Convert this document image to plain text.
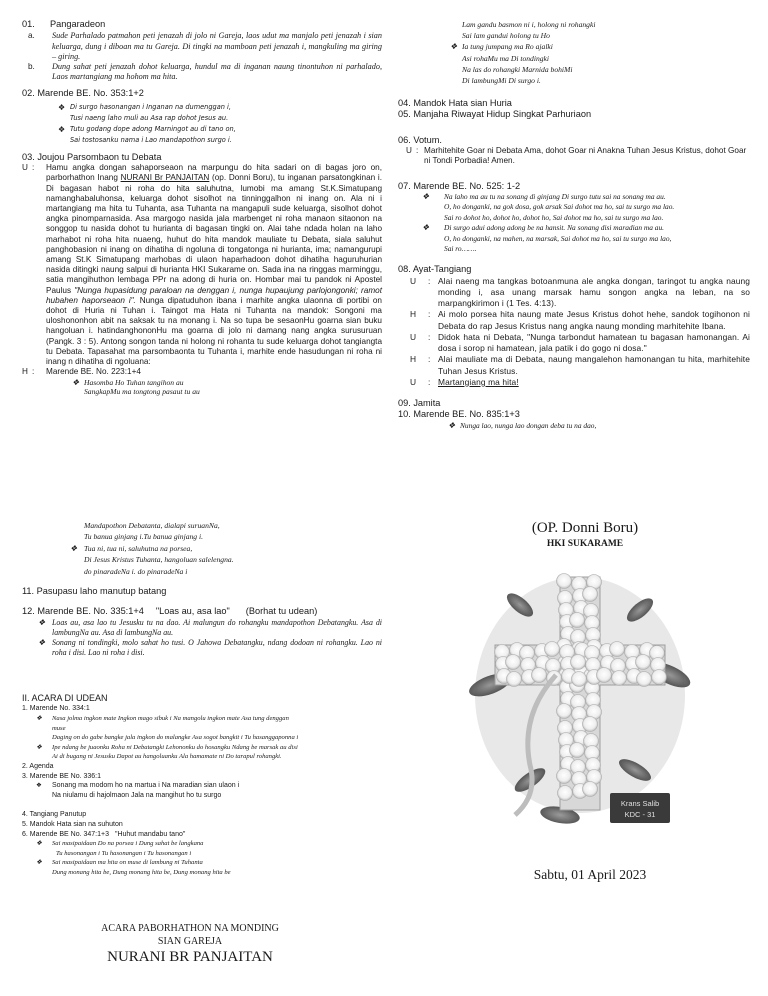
01.	Pangaradeon
a.	Sude Parhalado patmahon peti jenazah di jolo ni Gareja, laos udut ma manjalo peti jenazah i sian keluarga, dung i diboan ma tu Gareja. Di tingki na mamboan peti jenazah i, mangkuling ma giring – giring.
b.	Dung sahat peti jenazah dohot keluarga, hundul ma di inganan naung tinontuhon ni parhalado, Laos martangiang ma hohom ma hita.
02. Marende BE. No. 353:1+2
❖ Di surgo hasonangan i Inganan na dumenggan i,
Tusi naeng laho muli au Asa rap dohot Jesus au.
❖ Tutu godang dope adong Marningot au di tano on,
Sai tostosanku nama i Lao mandapothon surgo i.
03. Joujou Parsombaon tu Debata
U :	Hamu angka dongan sahaporseaon na marpungu do hita sadari on di bagas joro on, parborhathon Inang NURANI Br PANJAITAN (op. Donni Boru), tu inganan parsatongkinan i. Di bagasan habot ni roha do hita saluhutna, lumobi ma amang St.K.Simatupang namanghabaluhonsa, keluarga dohot sisolhot na tinninggalhon ni inang on. Ala ni i martangiang ma hita tu Tuhanta, asa Tuhanta na mangapuli sude keluarga, sisolhot dohot angka pinomparnasida. Asa margogo nasida jala marbenget ni roha manaon sitaonon na songgop tu nasida dohot tu hurianta di bagasan tingki on. Alai tahe ndada holan na laho marhabot ni roha hita nuaeng, huhut do hita mandok mauliate tu Debata, siala saluhut panghobasion ni inang on dihatiha di ngoluna di tongatonga ni hurianta, ima; namangurupi amang St.K Simatupang marhobas di ulaon haparhadoon dohot dihatiha haguruhurian nasida ditingki naung salpui di hurianta HKI Sukarame on. Sada ina na ringgas marminggu, satia mangihuthon lembaga PPr na adong di huria on. Hombar mai tu pandok ni Apostel Paulus "Nunga hupasidung paraloan na denggan i, nunga hupaujung parlojongonki; ramot hubahen haporseaon i". Nunga dipatuduhon ibana i marhite angka ulaonna di portibi on dohot di Huria ni Tuhan i. Taingot ma Hata ni Tuhanta na mandok: Songoni ma uloshononhon abit na saksak tu na monang i. Na so tupa be sesaonHu goarna sian buku hangoluan i. hatindanghononHu ma goarna di jolo ni damang nang angka surusuruan (Pangk. 3 : 5). Antong songon tanda ni holong ni rohanta tu sude keluarga dohot tangiangta tu Debata. Tapasahat ma parsombaonta tu Tuhanta i, marhite ende hasudungan ni roha ni inang n dihatiha di ngoluana:
H :	Marende BE. No. 223:1+4
❖ Hasomba Ho Tuhan tangihon au
SangkapMu ma tongtong pasaut tu au
Mandapothon Debatanta, dialapi suruanNa,
Tu banua ginjang i.Tu banua ginjang i.
❖ Tua ni, tua ni, saluhutna na porsea,
Di Jesus Kristus Tuhanta, hangoluan salelengna.
do pinaradeNa i. do pinaradeNa i
11. Pasupasu laho manutup batang
12. Marende BE. No. 335:1+4	"Loas au, asa lao"	(Borhat tu udean)
❖ Loas au, asa lao tu Jesusku tu na dao. Ai malungun do rohangku mandapothon Debatangku. Asa di lambungNa au. Asa di lambungNa au.
❖ Sonang ni tondingki, molo sahat ho tusi. O Jahowa Debatangku, ndang dodoan ni rohangku. Lao ni roha i disi. Lao ni roha i disi.
II. ACARA DI UDEAN
1. Marende No. 334:1
❖	Nasa jolma ingkon mate Ingkon mago sibuk i Na mangolu ingkon mate Asa tung denggan
muse
Daging on do gabe bangke jala ingkon do malangke Asa sogot bangkit i Tu hasanggaponna i
❖	Ipe ndang be juaonku Roha ni Debatangki Lehononku do hosangku Ndang be marsak au disi
Ai di bugang ni Jesusku Dapot au hangoluanku Ala hamamate ni Do tarapul rohangki.
2. Agenda
3. Marende BE No. 336:1
❖	Sonang ma modom ho na martua i Na maradian sian ulaon i
Na niulamu di hajolmaon Jala na mangihut ho tu surgo
4. Tangiang Panutup
5. Mandok Hata sian na suhuton
6. Marende BE No. 347:1+3 "Huhut mandabu tano"
❖	Sai masipaidaan Do na porsea i Dung sahat be langkana
Tu hasonangan i Tu hasonangan i Tu hasonangan i
❖	Sai masipaidaan ma hita on muse di lambung ni Tuhanta
Dung monang hita be, Dung monang hita be, Dung monang hita be
ACARA PABORHATHON NA MONDING
SIAN GAREJA
NURANI BR PANJAITAN
Lam gandu basmon ni i, holong ni rohangki
Sai lam gandui holong tu Ho
❖ Ia tung jumpang ma Ro ajalki
Asi rohaMu ma Di tondingki
Na las do rohangki Marnida bohiMi
Di lambungMi Di surgo i.
04. Mandok Hata sian Huria
05. Manjaha Riwayat Hidup Singkat Parhuriaon
06. Votum.
U : Marhitehite Goar ni Debata Ama, dohot Goar ni Anakna Tuhan Jesus Kristus, dohot Goar ni Tondi Porbadia! Amen.
07. Marende BE. No. 525: 1-2
❖	Na laho ma au tu na sonang di ginjang Di surgo tutu sai na sonang ma au.
O, ho donganki, na gok dosa, gok arsak Sai dohot ma ho, sai tu surgo ma lao.
Sai ro dohot ho, dohot ho, dohot ho, Sai dohot ma ho, sai tu surgo ma lao.
❖	Di surgo adui adong adong be na hansit. Na sonang disi maradian ma au.
O, ho donganki, na mahen, na marsak, Sai dohot ma ho, sai tu surgo ma lao,
Sai ro…….
08. Ayat-Tangiang
U	: Alai naeng ma tangkas botoanmuna ale angka dongan, taringot tu angka naung monding i, asa unang marsak hamu songon angka na leban, na so marpangkirimon i (1 Tes. 4:13).
H	: Ai molo porsea hita naung mate Jesus Kristus dohot hehe, sandok togihonon ni Debata do rap Jesus Kristus nang angka naung monding marhitehite Ibana.
U	: Didok hata ni Debata, "Nunga tarbondut hamatean tu bagasan hamonangan. Ai dosa i sorop ni hamatean, jala patik i do gogo ni dosa."
H	: Alai mauliate ma di Debata, naung mangalehon hamonangan tu hita, marhitehite Tuhan Jesus Kristus.
U	: Martangiang ma hita!
09. Jamita
10. Marende BE. No. 835:1+3
❖ Nunga lao, nunga lao dongan deba tu na dao,
(OP. Donni Boru)
HKI SUKARAME
Krans Salib
KDC - 31
Sabtu, 01 April 2023
